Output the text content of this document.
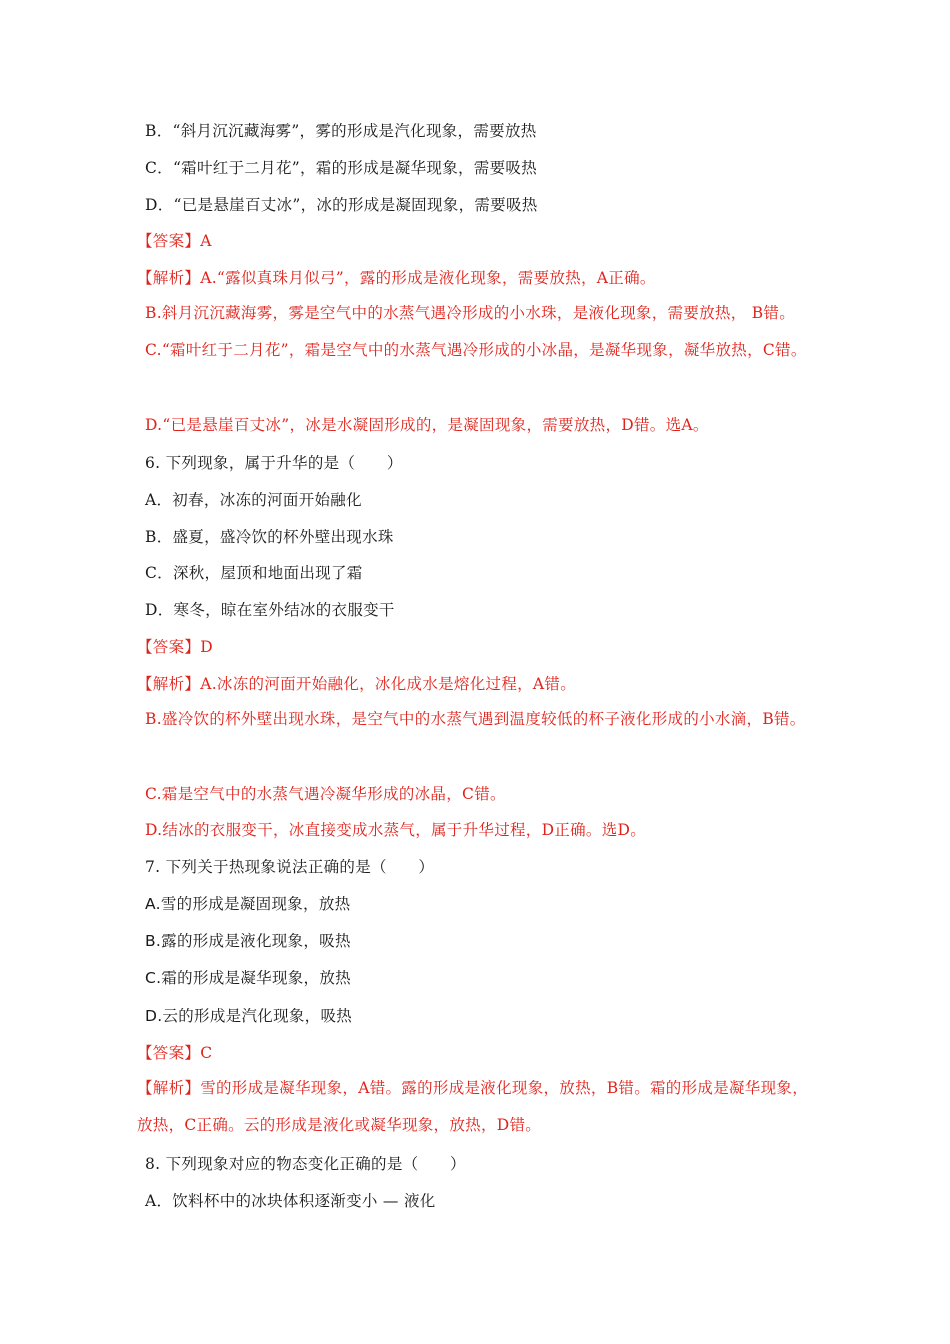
B．“斜月沉沉藏海雾”，雾的形成是汽化现象，需要放热
C．“霜叶红于二月花”，霜的形成是凝华现象，需要吸热
D．“已是悬崖百丈冰”，冰的形成是凝固现象，需要吸热
【答案】A
【解析】A.“露似真珠月似弓”，露的形成是液化现象，需要放热，A正确。
B.斜月沉沉藏海雾，雾是空气中的水蒸气遇冷形成的小水珠，是液化现象，需要放热， B错。C.“霜叶红于二月花”，霜是空气中的水蒸气遇冷形成的小冰晶，是凝华现象，凝华放热，C错。
D.“已是悬崖百丈冰”，冰是水凝固形成的，是凝固现象，需要放热，D错。选A。
6. 下列现象，属于升华的是（　　）
A．初春，冰冻的河面开始融化
B．盛夏，盛冷饮的杯外壁出现水珠
C．深秋，屋顶和地面出现了霜
D．寒冬，晾在室外结冰的衣服变干
【答案】D
【解析】A.冰冻的河面开始融化，冰化成水是熔化过程，A错。
B.盛冷饮的杯外壁出现水珠，是空气中的水蒸气遇到温度较低的杯子液化形成的小水滴，B错。
C.霜是空气中的水蒸气遇冷凝华形成的冰晶，C错。
D.结冰的衣服变干，冰直接变成水蒸气，属于升华过程，D正确。选D。
7. 下列关于热现象说法正确的是（　　）
A.雪的形成是凝固现象，放热
B.露的形成是液化现象，吸热
C.霜的形成是凝华现象，放热
D.云的形成是汽化现象，吸热
【答案】C
【解析】雪的形成是凝华现象，A错。露的形成是液化现象，放热，B错。霜的形成是凝华现象，放热，C正确。云的形成是液化或凝华现象，放热，D错。
8. 下列现象对应的物态变化正确的是（　　）
A．饮料杯中的冰块体积逐渐变小 — 液化
